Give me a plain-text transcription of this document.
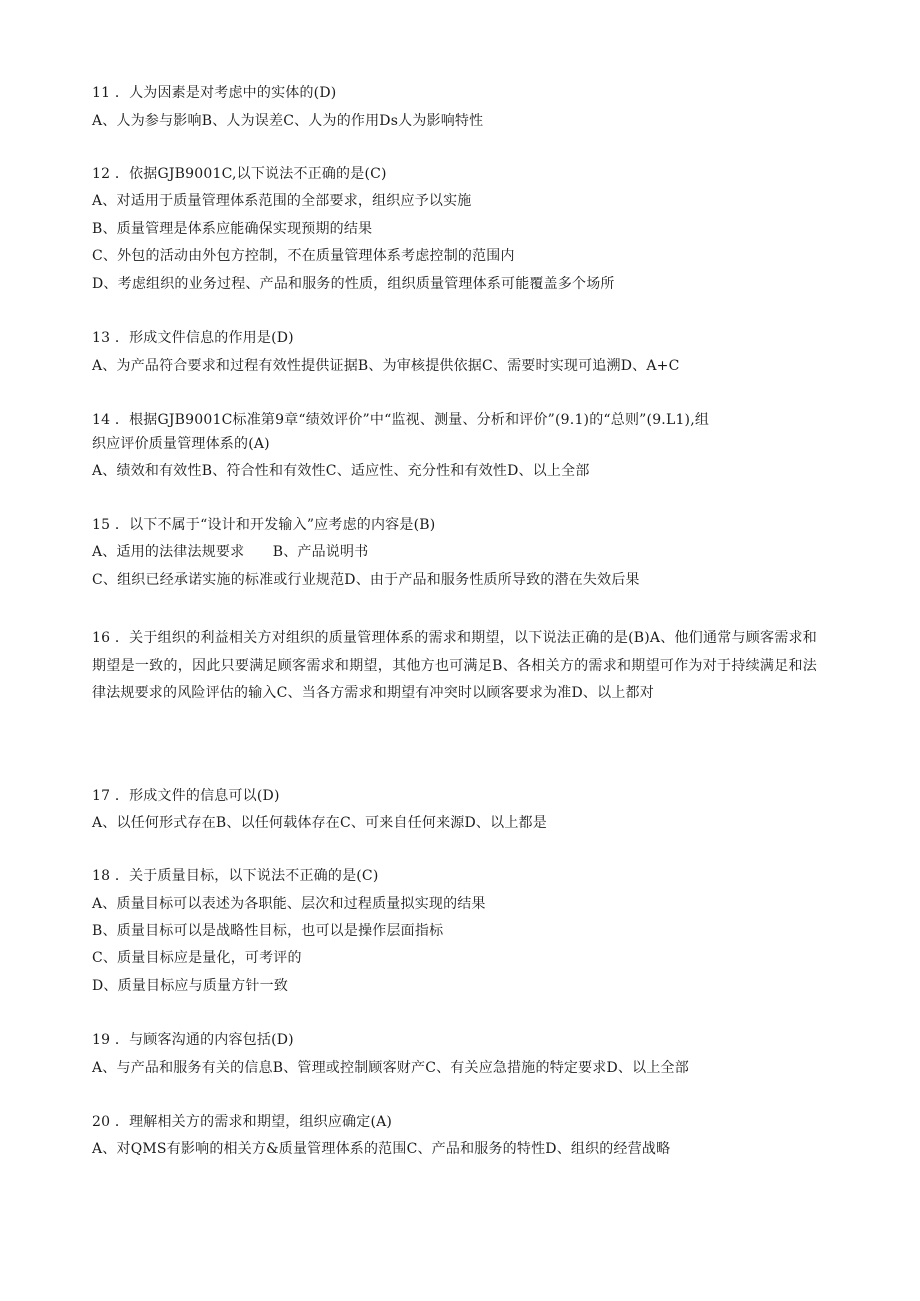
11 ．人为因素是对考虑中的实体的(D)
A、人为参与影响B、人为误差C、人为的作用Ds人为影响特性
12 ．依据GJB9001C,以下说法不正确的是(C)
A、对适用于质量管理体系范围的全部要求，组织应予以实施
B、质量管理是体系应能确保实现预期的结果
C、外包的活动由外包方控制，不在质量管理体系考虑控制的范围内
D、考虑组织的业务过程、产品和服务的性质，组织质量管理体系可能覆盖多个场所
13 ．形成文件信息的作用是(D)
A、为产品符合要求和过程有效性提供证据B、为审核提供依据C、需要时实现可追溯D、A+C
14 ．根据GJB9001C标准第9章“绩效评价”中“监视、测量、分析和评价”(9.1)的“总则”(9.L1),组
织应评价质量管理体系的(A)
A、绩效和有效性B、符合性和有效性C、适应性、充分性和有效性D、以上全部
15 ．以下不属于“设计和开发输入”应考虑的内容是(B)
A、适用的法律法规要求　　B、产品说明书
C、组织已经承诺实施的标准或行业规范D、由于产品和服务性质所导致的潜在失效后果
16 ．关于组织的利益相关方对组织的质量管理体系的需求和期望，以下说法正确的是(B)A、他们通常与顾客需求和期望是一致的，因此只要满足顾客需求和期望，其他方也可满足B、各相关方的需求和期望可作为对于持续满足和法律法规要求的风险评估的输入C、当各方需求和期望有冲突时以顾客要求为准D、以上都对
17 ．形成文件的信息可以(D)
A、以任何形式存在B、以任何载体存在C、可来自任何来源D、以上都是
18 ．关于质量目标，以下说法不正确的是(C)
A、质量目标可以表述为各职能、层次和过程质量拟实现的结果
B、质量目标可以是战略性目标，也可以是操作层面指标
C、质量目标应是量化，可考评的
D、质量目标应与质量方针一致
19 ．与顾客沟通的内容包括(D)
A、与产品和服务有关的信息B、管理或控制顾客财产C、有关应急措施的特定要求D、以上全部
20 ．理解相关方的需求和期望，组织应确定(A)
A、对QMS有影响的相关方&质量管理体系的范围C、产品和服务的特性D、组织的经营战略
